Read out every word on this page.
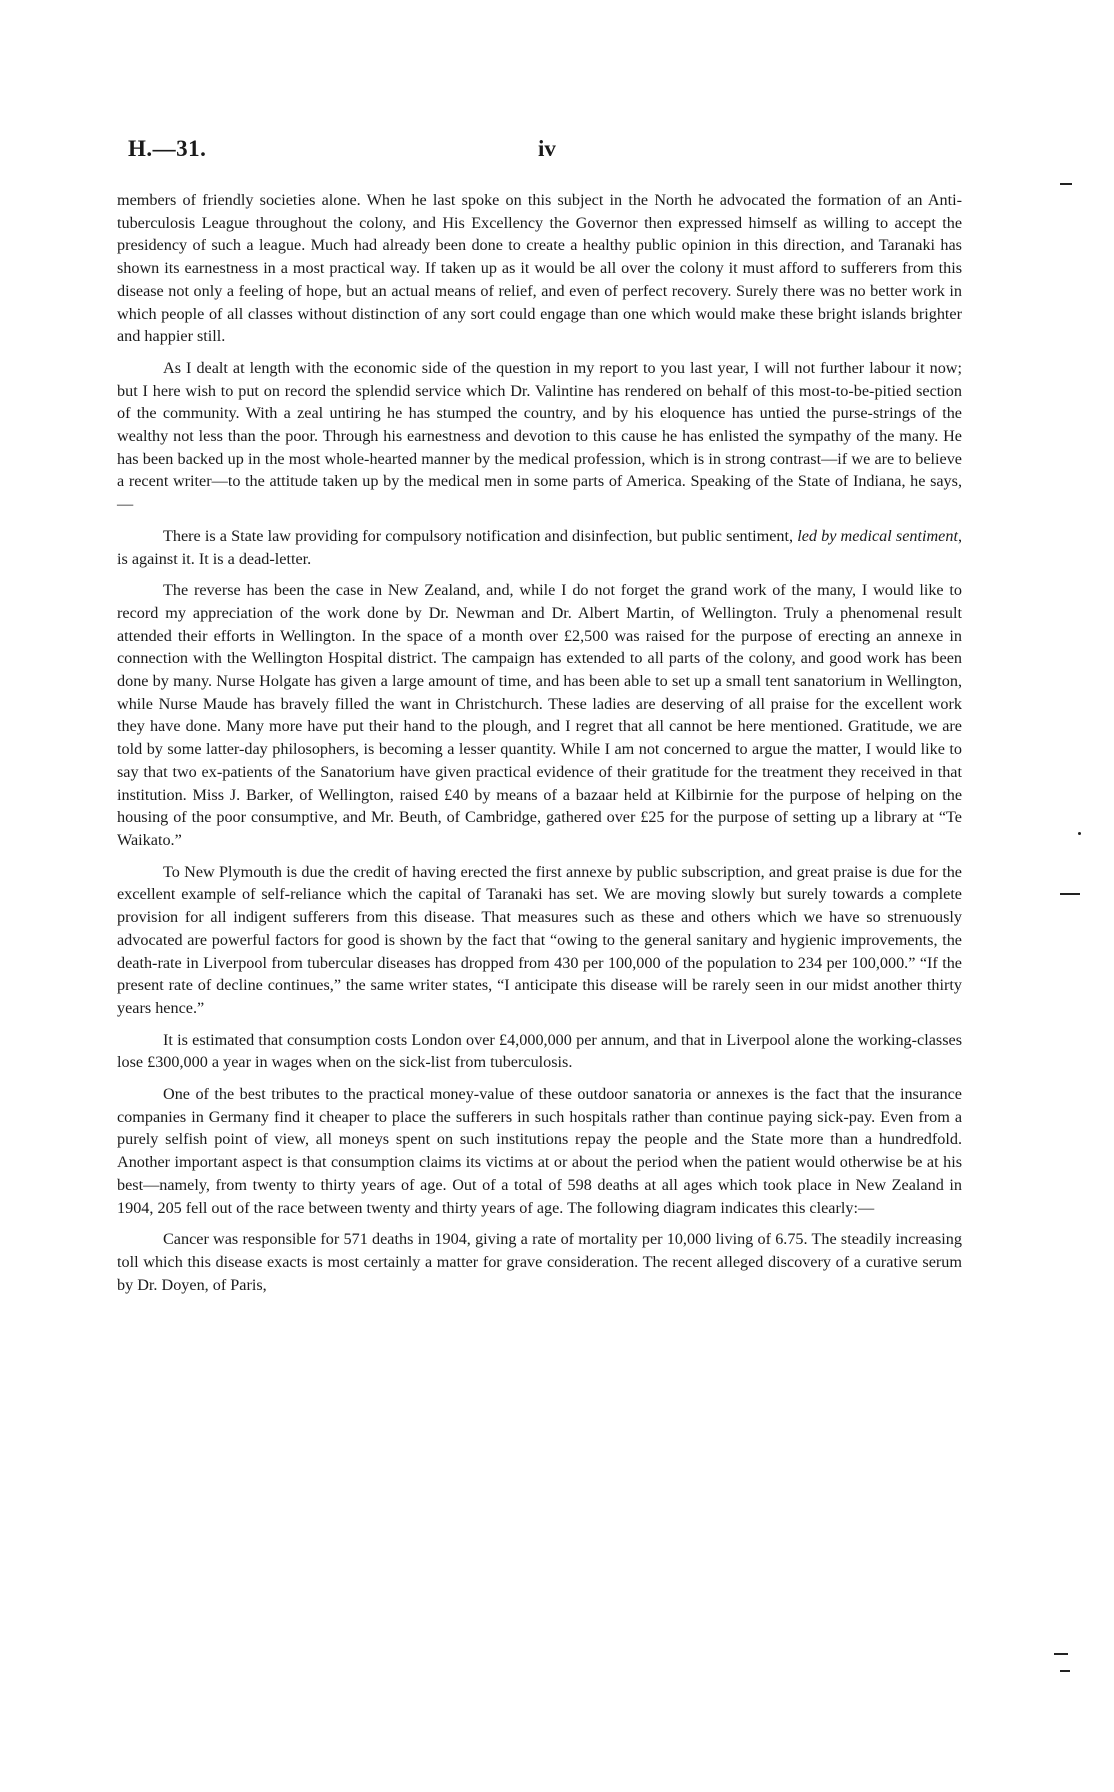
H.—31.	iv

members of friendly societies alone. When he last spoke on this subject in the North he advocated the formation of an Anti-tuberculosis League throughout the colony, and His Excellency the Governor then expressed himself as willing to accept the presidency of such a league. Much had already been done to create a healthy public opinion in this direction, and Taranaki has shown its earnestness in a most practical way. If taken up as it would be all over the colony it must afford to sufferers from this disease not only a feeling of hope, but an actual means of relief, and even of perfect recovery. Surely there was no better work in which people of all classes without distinction of any sort could engage than one which would make these bright islands brighter and happier still.

As I dealt at length with the economic side of the question in my report to you last year, I will not further labour it now; but I here wish to put on record the splendid service which Dr. Valintine has rendered on behalf of this most-to-be-pitied section of the community. With a zeal untiring he has stumped the country, and by his eloquence has untied the purse-strings of the wealthy not less than the poor. Through his earnestness and devotion to this cause he has enlisted the sympathy of the many. He has been backed up in the most whole-hearted manner by the medical profession, which is in strong contrast—if we are to believe a recent writer—to the attitude taken up by the medical men in some parts of America. Speaking of the State of Indiana, he says,—

There is a State law providing for compulsory notification and disinfection, but public sentiment, led by medical sentiment, is against it. It is a dead-letter.

The reverse has been the case in New Zealand, and, while I do not forget the grand work of the many, I would like to record my appreciation of the work done by Dr. Newman and Dr. Albert Martin, of Wellington. Truly a phenomenal result attended their efforts in Wellington. In the space of a month over £2,500 was raised for the purpose of erecting an annexe in connection with the Wellington Hospital district. The campaign has extended to all parts of the colony, and good work has been done by many. Nurse Holgate has given a large amount of time, and has been able to set up a small tent sanatorium in Wellington, while Nurse Maude has bravely filled the want in Christchurch. These ladies are deserving of all praise for the excellent work they have done. Many more have put their hand to the plough, and I regret that all cannot be here mentioned. Gratitude, we are told by some latter-day philosophers, is becoming a lesser quantity. While I am not concerned to argue the matter, I would like to say that two ex-patients of the Sanatorium have given practical evidence of their gratitude for the treatment they received in that institution. Miss J. Barker, of Wellington, raised £40 by means of a bazaar held at Kilbirnie for the purpose of helping on the housing of the poor consumptive, and Mr. Beuth, of Cambridge, gathered over £25 for the purpose of setting up a library at “Te Waikato.”

To New Plymouth is due the credit of having erected the first annexe by public subscription, and great praise is due for the excellent example of self-reliance which the capital of Taranaki has set. We are moving slowly but surely towards a complete provision for all indigent sufferers from this disease. That measures such as these and others which we have so strenuously advocated are powerful factors for good is shown by the fact that “owing to the general sanitary and hygienic improvements, the death-rate in Liverpool from tubercular diseases has dropped from 430 per 100,000 of the population to 234 per 100,000.” “If the present rate of decline continues,” the same writer states, “I anticipate this disease will be rarely seen in our midst another thirty years hence.”

It is estimated that consumption costs London over £4,000,000 per annum, and that in Liverpool alone the working-classes lose £300,000 a year in wages when on the sick-list from tuberculosis.

One of the best tributes to the practical money-value of these outdoor sanatoria or annexes is the fact that the insurance companies in Germany find it cheaper to place the sufferers in such hospitals rather than continue paying sick-pay. Even from a purely selfish point of view, all moneys spent on such institutions repay the people and the State more than a hundredfold. Another important aspect is that consumption claims its victims at or about the period when the patient would otherwise be at his best—namely, from twenty to thirty years of age. Out of a total of 598 deaths at all ages which took place in New Zealand in 1904, 205 fell out of the race between twenty and thirty years of age. The following diagram indicates this clearly:—

Cancer was responsible for 571 deaths in 1904, giving a rate of mortality per 10,000 living of 6.75. The steadily increasing toll which this disease exacts is most certainly a matter for grave consideration. The recent alleged discovery of a curative serum by Dr. Doyen, of Paris,
